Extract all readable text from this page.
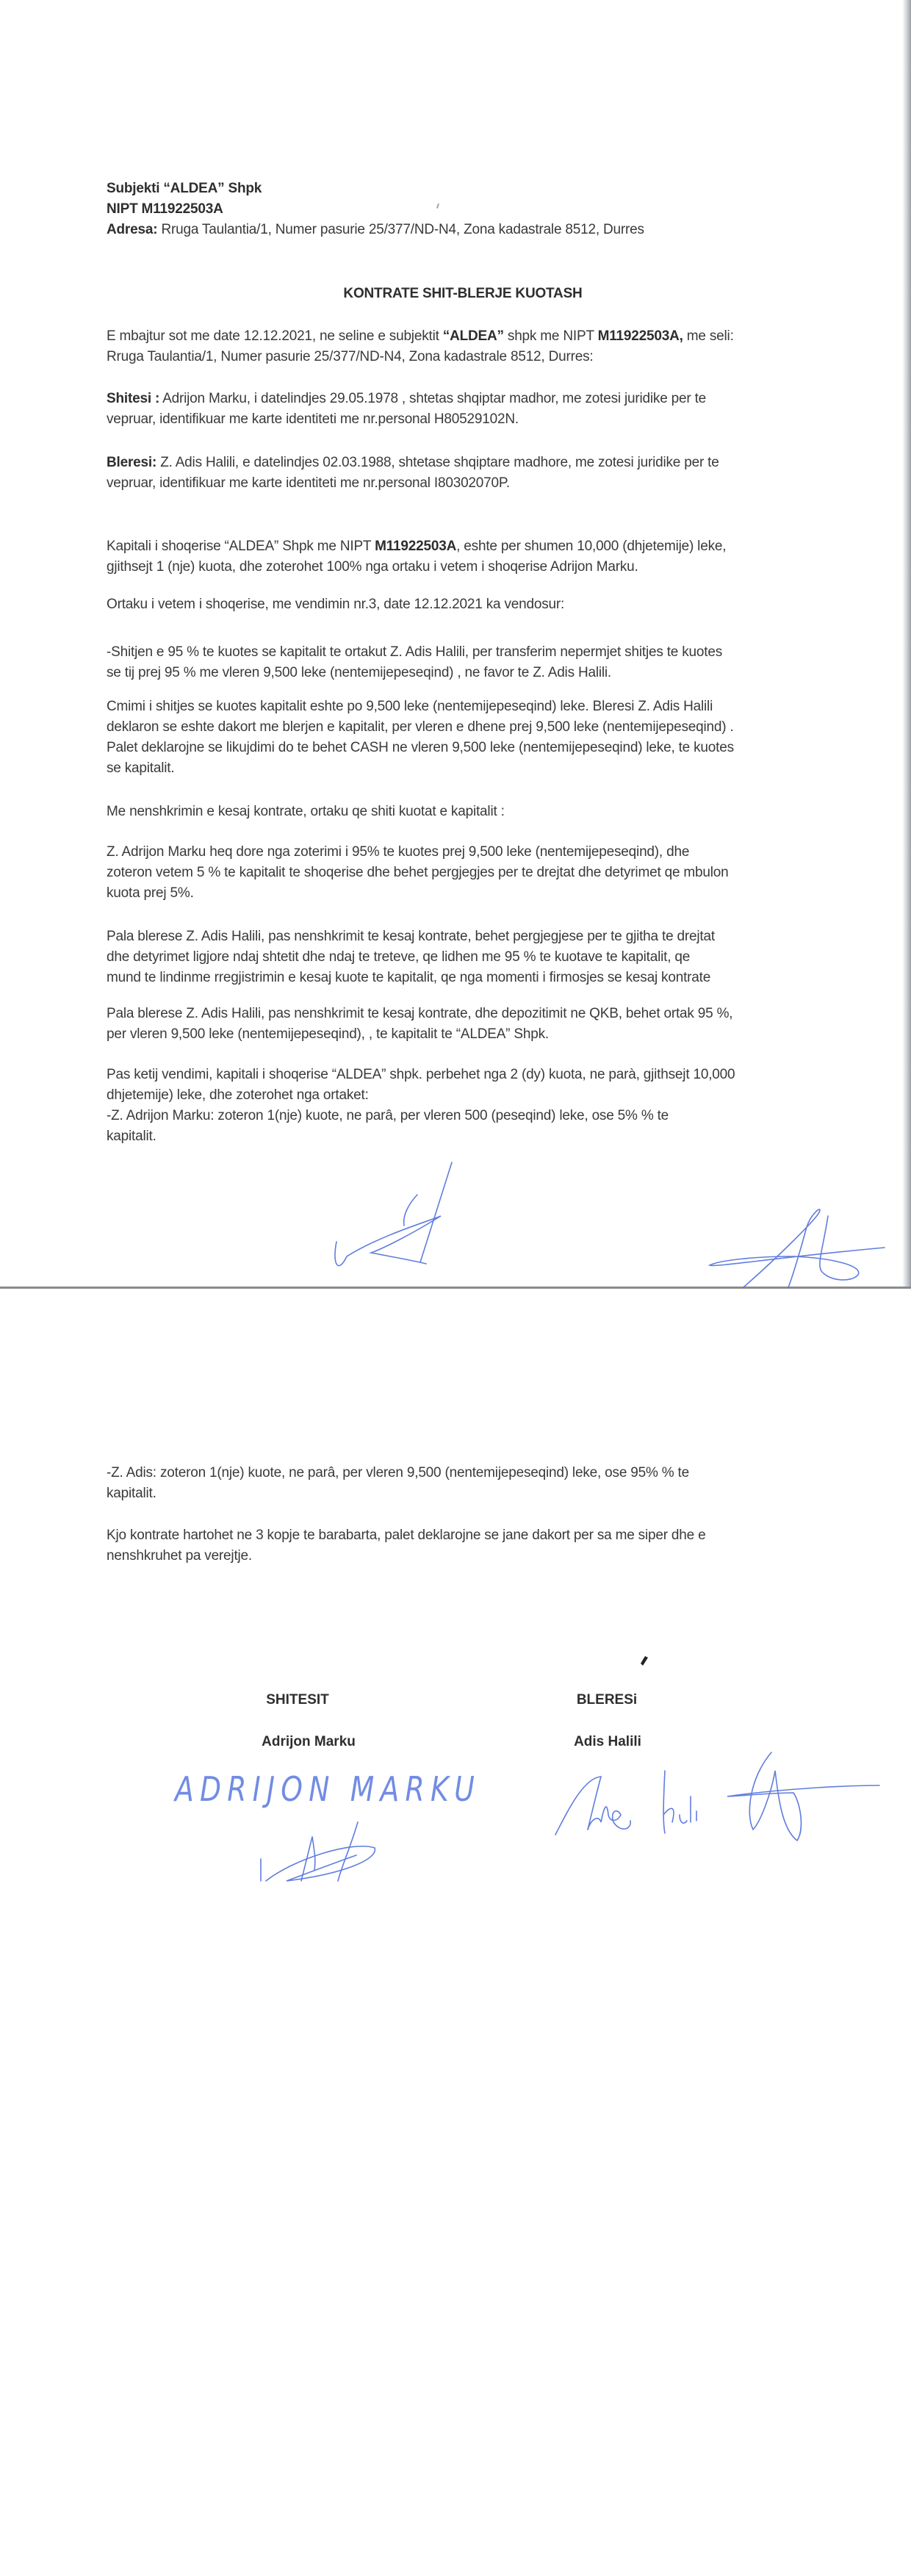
Subjekti “ALDEA” Shpk
NIPT M11922503A
Adresa: Rruga Taulantia/1, Numer pasurie 25/377/ND-N4, Zona kadastrale 8512, Durres
KONTRATE SHIT-BLERJE KUOTASH
E mbajtur sot me date 12.12.2021, ne seline e subjektit “ALDEA” shpk me NIPT M11922503A, me seli:
Rruga Taulantia/1, Numer pasurie 25/377/ND-N4, Zona kadastrale 8512, Durres:
Shitesi : Adrijon Marku, i datelindjes 29.05.1978 , shtetas shqiptar madhor, me zotesi juridike per te
vepruar, identifikuar me karte identiteti me nr.personal H80529102N.
Bleresi: Z. Adis Halili, e datelindjes 02.03.1988, shtetase shqiptare madhore, me zotesi juridike per te
vepruar, identifikuar me karte identiteti me nr.personal I80302070P.
Kapitali i shoqerise “ALDEA” Shpk me NIPT M11922503A, eshte per shumen 10,000 (dhjetemije) leke,
gjithsejt 1 (nje) kuota, dhe zoterohet 100% nga ortaku i vetem i shoqerise Adrijon Marku.
Ortaku i vetem i shoqerise, me vendimin nr.3, date 12.12.2021 ka vendosur:
-Shitjen e 95 % te kuotes se kapitalit te ortakut Z. Adis Halili, per transferim nepermjet shitjes te kuotes
se tij prej 95 % me vleren 9,500 leke (nentemijepeseqind) , ne favor te Z. Adis Halili.
Cmimi i shitjes se kuotes kapitalit eshte po 9,500 leke (nentemijepeseqind) leke. Bleresi Z. Adis Halili
deklaron se eshte dakort me blerjen e kapitalit, per vleren e dhene prej 9,500 leke (nentemijepeseqind) .
Palet deklarojne se likujdimi do te behet CASH ne vleren 9,500 leke (nentemijepeseqind) leke, te kuotes
se kapitalit.
Me nenshkrimin e kesaj kontrate, ortaku qe shiti kuotat e kapitalit :
Z. Adrijon Marku heq dore nga zoterimi i 95% te kuotes prej 9,500 leke (nentemijepeseqind), dhe
zoteron vetem 5 % te kapitalit te shoqerise dhe behet pergjegjes per te drejtat dhe detyrimet qe mbulon
kuota prej 5%.
Pala blerese Z. Adis Halili, pas nenshkrimit te kesaj kontrate, behet pergjegjese per te gjitha te drejtat
dhe detyrimet ligjore ndaj shtetit dhe ndaj te treteve, qe lidhen me 95 % te kuotave te kapitalit, qe
mund te lindinme rregjistrimin e kesaj kuote te kapitalit, qe nga momenti i firmosjes se kesaj kontrate
Pala blerese Z. Adis Halili, pas nenshkrimit te kesaj kontrate, dhe depozitimit ne QKB, behet ortak 95 %,
per vleren 9,500 leke (nentemijepeseqind), , te kapitalit te “ALDEA” Shpk.
Pas ketij vendimi, kapitali i shoqerise “ALDEA” shpk. perbehet nga 2 (dy) kuota, ne parà, gjithsejt 10,000
dhjetemije) leke, dhe zoterohet nga ortaket:
-Z. Adrijon Marku: zoteron 1(nje) kuote, ne parâ, per vleren 500 (peseqind) leke, ose 5% % te
kapitalit.
-Z. Adis: zoteron 1(nje) kuote, ne parâ, per vleren 9,500 (nentemijepeseqind) leke, ose 95% % te
kapitalit.
Kjo kontrate hartohet ne 3 kopje te barabarta, palet deklarojne se jane dakort per sa me siper dhe e
nenshkruhet pa verejtje.
SHITESIT	BLERESi
Adrijon Marku	Adis Halili
ADRIJON MARKU
